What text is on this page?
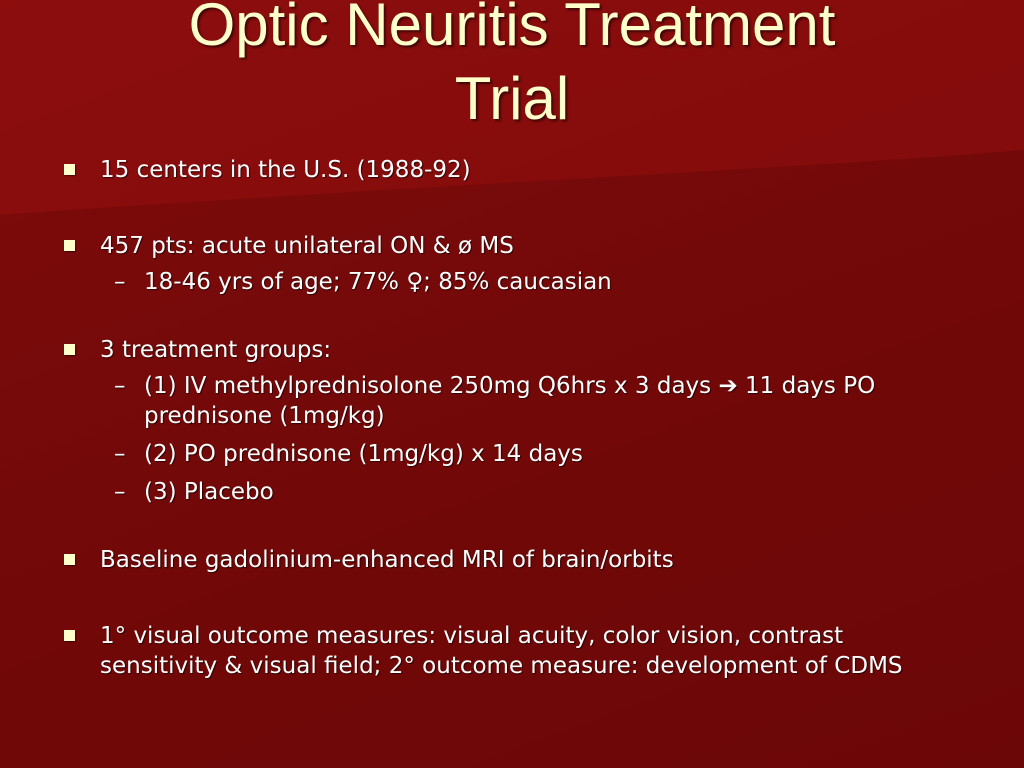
Optic Neuritis Treatment
Trial
15 centers in the U.S. (1988-92)
457 pts: acute unilateral ON & ø MS
– 18-46 yrs of age; 77% ♀; 85% caucasian
3 treatment groups:
– (1) IV methylprednisolone 250mg Q6hrs x 3 days ➔ 11 days PO prednisone (1mg/kg)
– (2) PO prednisone (1mg/kg) x 14 days
– (3) Placebo
Baseline gadolinium-enhanced MRI of brain/orbits
1° visual outcome measures: visual acuity, color vision, contrast sensitivity & visual field; 2° outcome measure: development of CDMS
